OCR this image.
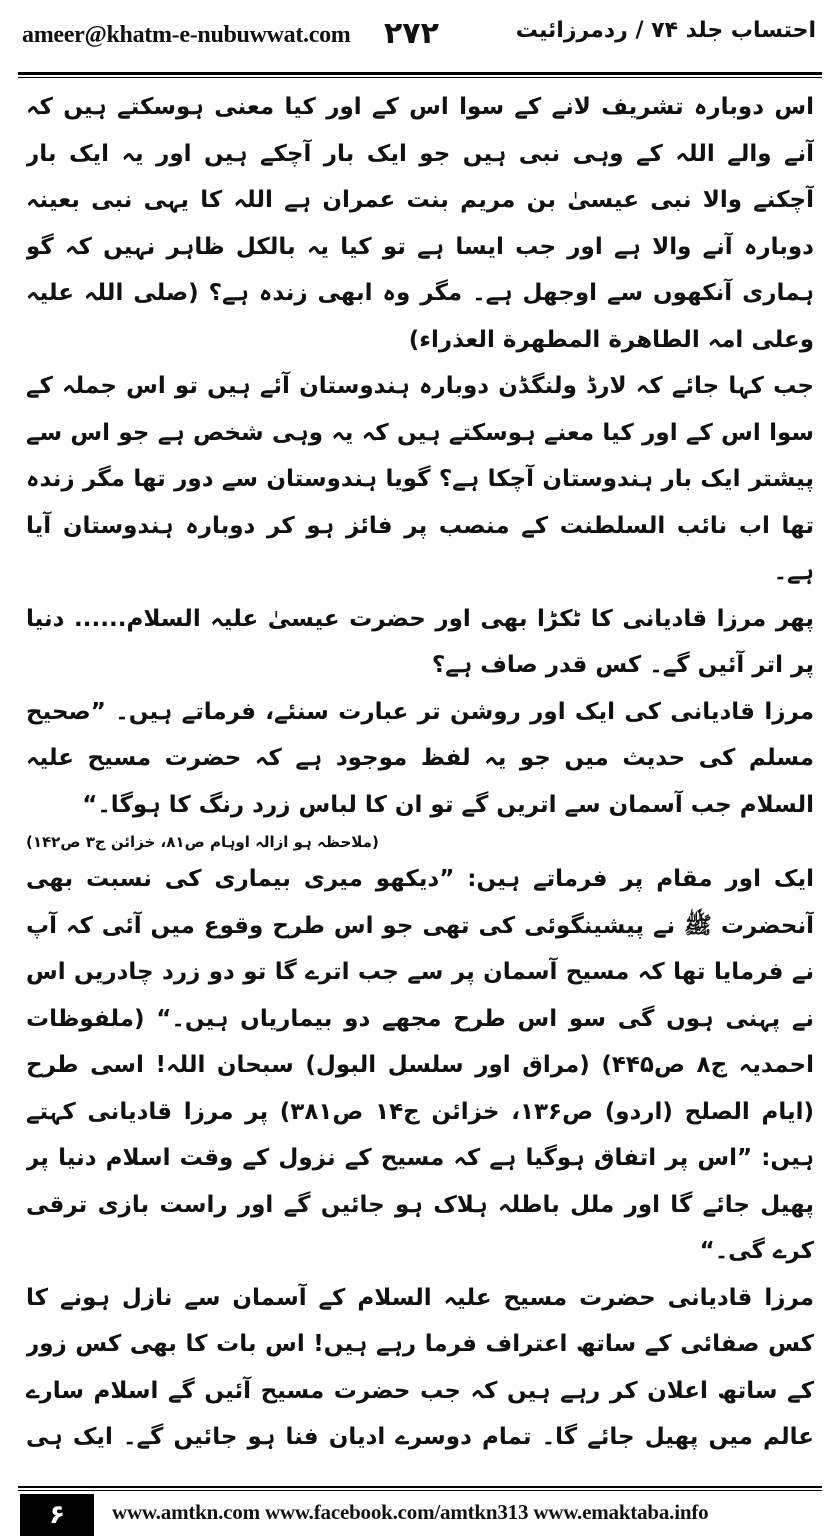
ameer@khatm-e-nubuwwat.com ۲۷۲	احتساب جلد ۷۴ / ردمرزائیت

اس دوبارہ تشریف لانے کے سوا اس کے اور کیا معنی ہوسکتے ہیں کہ آنے والے اللہ کے وہی نبی ہیں جو ایک بار آچکے ہیں اور یہ ایک بار آچکنے والا نبی عیسیٰ بن مریم بنت عمران ہے اللہ کا یہی نبی بعینہ دوبارہ آنے والا ہے اور جب ایسا ہے تو کیا یہ بالکل ظاہر نہیں کہ گو ہماری آنکھوں سے اوجھل ہے۔ مگر وہ ابھی زندہ ہے؟ (صلی اللہ علیہ وعلی امہ الطاهرة المطهرة العذراء)

جب کہا جائے کہ لارڈ ولنگڈن دوبارہ ہندوستان آئے ہیں تو اس جملہ کے سوا اس کے اور کیا معنے ہوسکتے ہیں کہ یہ وہی شخص ہے جو اس سے پیشتر ایک بار ہندوستان آچکا ہے؟ گویا ہندوستان سے دور تھا مگر زندہ تھا اب نائب السلطنت کے منصب پر فائز ہو کر دوبارہ ہندوستان آیا ہے۔

پھر مرزا قادیانی کا ٹکڑا بھی اور حضرت عیسیٰ علیہ السلام...... دنیا پر اتر آئیں گے۔ کس قدر صاف ہے؟

مرزا قادیانی کی ایک اور روشن تر عبارت سنئے، فرماتے ہیں۔ ”صحیح مسلم کی حدیث میں جو یہ لفظ موجود ہے کہ حضرت مسیح علیہ السلام جب آسمان سے اتریں گے تو ان کا لباس زرد رنگ کا ہوگا۔“

(ملاحظہ ہو ازالہ اوہام ص۸۱، خزائن ج۳ ص۱۴۲)

ایک اور مقام پر فرماتے ہیں: ”دیکھو میری بیماری کی نسبت بھی آنحضرت ﷺ نے پیشینگوئی کی تھی جو اس طرح وقوع میں آئی کہ آپ نے فرمایا تھا کہ مسیح آسمان پر سے جب اترے گا تو دو زرد چادریں اس نے پہنی ہوں گی سو اس طرح مجھے دو بیماریاں ہیں۔“ (ملفوظات احمدیہ ج۸ ص۴۴۵) (مراق اور سلسل البول) سبحان اللہ! اسی طرح (ایام الصلح (اردو) ص۱۳۶، خزائن ج۱۴ ص۳۸۱) پر مرزا قادیانی کہتے ہیں: ”اس پر اتفاق ہوگیا ہے کہ مسیح کے نزول کے وقت اسلام دنیا پر پھیل جائے گا اور ملل باطلہ ہلاک ہو جائیں گے اور راست بازی ترقی کرے گی۔“

مرزا قادیانی حضرت مسیح علیہ السلام کے آسمان سے نازل ہونے کا کس صفائی کے ساتھ اعتراف فرما رہے ہیں! اس بات کا بھی کس زور کے ساتھ اعلان کر رہے ہیں کہ جب حضرت مسیح آئیں گے اسلام سارے عالم میں پھیل جائے گا۔ تمام دوسرے ادیان فنا ہو جائیں گے۔ ایک ہی

۶	www.amtkn.com www.facebook.com/amtkn313 www.emaktaba.info
